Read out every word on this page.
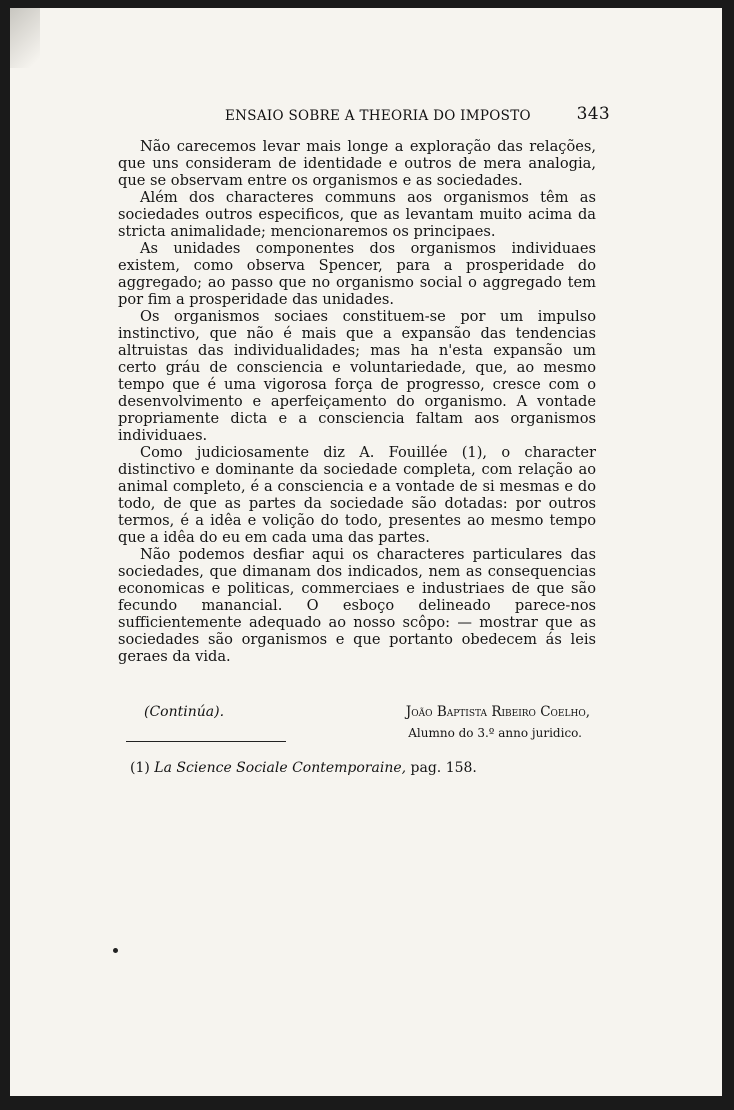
ENSAIO SOBRE A THEORIA DO IMPOSTO	343

Não carecemos levar mais longe a exploração das relações, que uns consideram de identidade e outros de mera analogia, que se observam entre os organismos e as sociedades.

Além dos characteres communs aos organismos têm as sociedades outros especificos, que as levantam muito acima da stricta animalidade; mencionaremos os principaes.

As unidades componentes dos organismos individuaes existem, como observa Spencer, para a prosperidade do aggregado; ao passo que no organismo social o aggregado tem por fim a prosperidade das unidades.

Os organismos sociaes constituem-se por um impulso instinctivo, que não é mais que a expansão das tendencias altruistas das individualidades; mas ha n'esta expansão um certo gráu de consciencia e voluntariedade, que, ao mesmo tempo que é uma vigorosa força de progresso, cresce com o desenvolvimento e aperfeiçamento do organismo. A vontade propriamente dicta e a consciencia faltam aos organismos individuaes.

Como judiciosamente diz A. Fouillée (1), o character distinctivo e dominante da sociedade completa, com relação ao animal completo, é a consciencia e a vontade de si mesmas e do todo, de que as partes da sociedade são dotadas: por outros termos, é a idêa e volição do todo, presentes ao mesmo tempo que a idêa do eu em cada uma das partes.

Não podemos desfiar aqui os characteres particulares das sociedades, que dimanam dos indicados, nem as consequencias economicas e politicas, commerciaes e industriaes de que são fecundo manancial. O esboço delineado parece-nos sufficientemente adequado ao nosso scôpo: — mostrar que as sociedades são organismos e que portanto obedecem ás leis geraes da vida.

(Continúa).	João Baptista Ribeiro Coelho,
Alumno do 3.º anno juridico.
(1) La Science Sociale Contemporaine, pag. 158.
